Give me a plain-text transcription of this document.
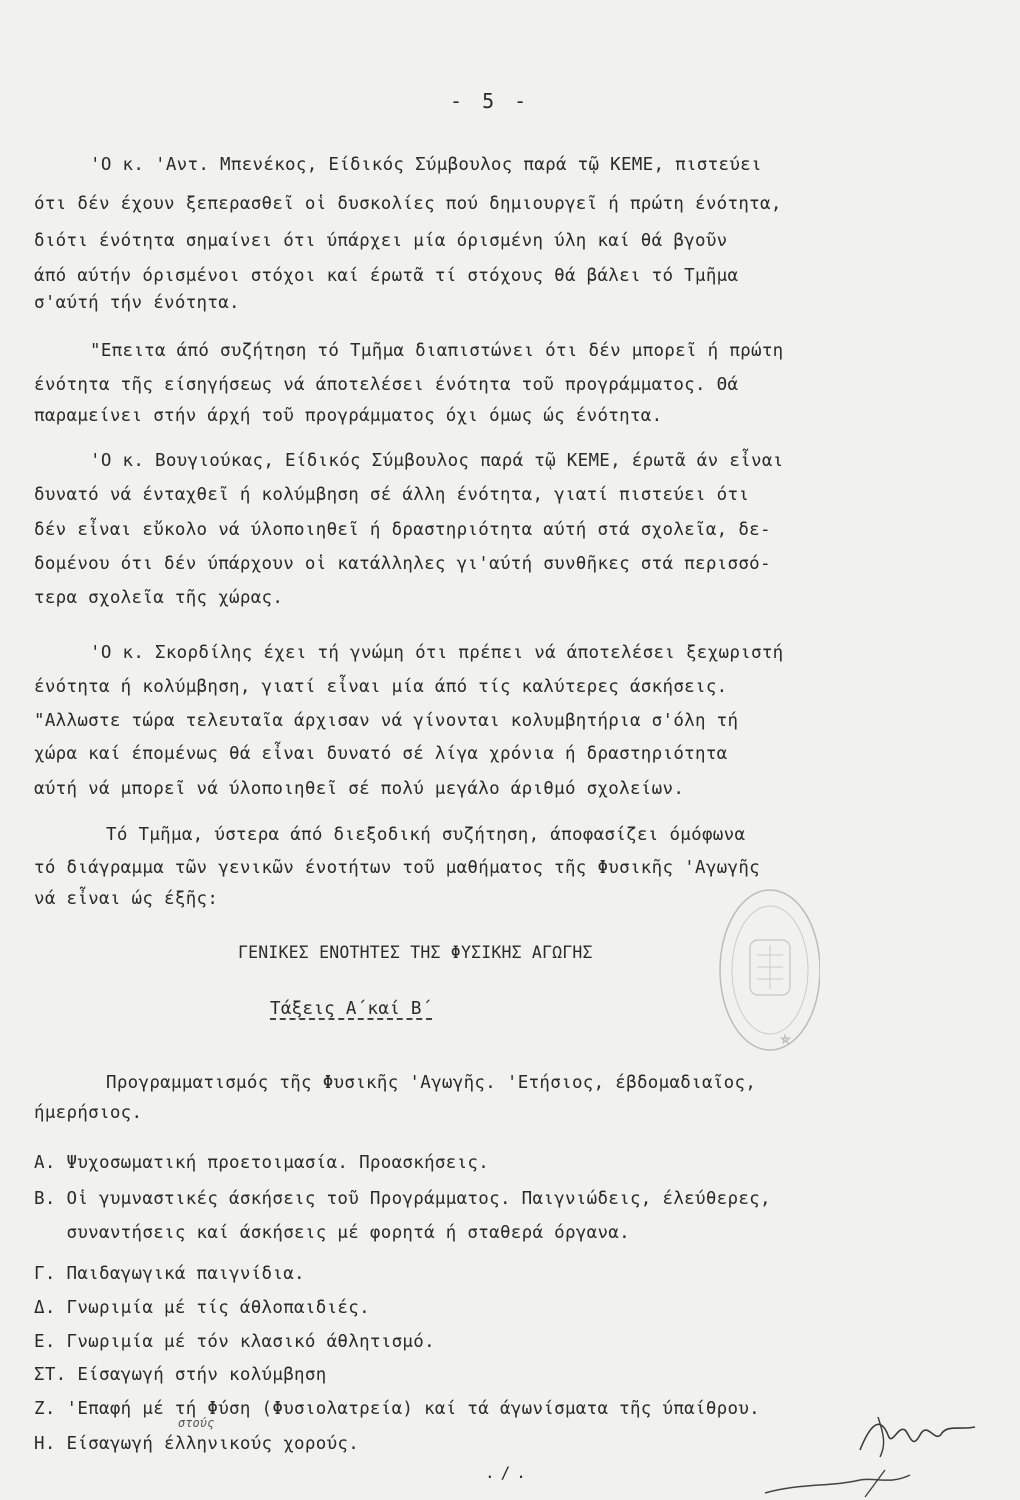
- 5 -
'Ο κ. 'Αντ. Μπενέκος, Είδικός Σύμβουλος παρά τῷ ΚΕΜΕ, πιστεύει
ότι δέν έχουν ξεπερασθεῖ οἱ δυσκολίες πού δημιουργεῖ ή πρώτη ένότητα,
διότι ένότητα σημαίνει ότι ύπάρχει μία όρισμένη ύλη καί θά βγοῦν
άπό αύτήν όρισμένοι στόχοι καί έρωτᾶ τί στόχους θά βάλει τό Τμῆμα
σ'αύτή τήν ένότητα.
"Επειτα άπό συζήτηση τό Τμῆμα διαπιστώνει ότι δέν μπορεῖ ή πρώτη
ένότητα τῆς είσηγήσεως νά άποτελέσει ένότητα τοῦ προγράμματος. Θά
παραμείνει στήν άρχή τοῦ προγράμματος όχι όμως ώς ένότητα.
'Ο κ. Βουγιούκας, Είδικός Σύμβουλος παρά τῷ ΚΕΜΕ, έρωτᾶ άν εἶναι
δυνατό νά ένταχθεῖ ή κολύμβηση σέ άλλη ένότητα, γιατί πιστεύει ότι
δέν εἶναι εὔκολο νά ύλοποιηθεῖ ή δραστηριότητα αύτή στά σχολεῖα, δε-
δομένου ότι δέν ύπάρχουν οἱ κατάλληλες γι'αύτή συνθῆκες στά περισσό-
τερα σχολεῖα τῆς χώρας.
'Ο κ. Σκορδίλης έχει τή γνώμη ότι πρέπει νά άποτελέσει ξεχωριστή
ένότητα ή κολύμβηση, γιατί εἶναι μία άπό τίς καλύτερες άσκήσεις.
"Αλλωστε τώρα τελευταῖα άρχισαν νά γίνονται κολυμβητήρια σ'όλη τή
χώρα καί έπομένως θά εἶναι δυνατό σέ λίγα χρόνια ή δραστηριότητα
αύτή νά μπορεῖ νά ύλοποιηθεῖ σέ πολύ μεγάλο άριθμό σχολείων.
Τό Τμῆμα, ύστερα άπό διεξοδική συζήτηση, άποφασίζει όμόφωνα
τό διάγραμμα τῶν γενικῶν ένοτήτων τοῦ μαθήματος τῆς Φυσικῆς 'Αγωγῆς
νά εἶναι ώς έξῆς:
ΓΕΝΙΚΕΣ ΕΝΟΤΗΤΕΣ ΤΗΣ ΦΥΣΙΚΗΣ ΑΓΩΓΗΣ
Τάξεις Α΄καί Β΄
Προγραμματισμός τῆς Φυσικῆς 'Αγωγῆς. 'Ετήσιος, έβδομαδιαῖος,
ήμερήσιος.
Α. Ψυχοσωματική προετοιμασία. Προασκήσεις.
Β. Οἱ γυμναστικές άσκήσεις τοῦ Προγράμματος. Παιγνιώδεις, έλεύθερες,
συναντήσεις καί άσκήσεις μέ φορητά ή σταθερά όργανα.
Γ. Παιδαγωγικά παιγνίδια.
Δ. Γνωριμία μέ τίς άθλοπαιδιές.
Ε. Γνωριμία μέ τόν κλασικό άθλητισμό.
ΣΤ. Είσαγωγή στήν κολύμβηση
Ζ. 'Επαφή μέ τή Φύση (Φυσιολατρεία) καί τά άγωνίσματα τῆς ύπαίθρου.
Η. Είσαγωγή έλληνικούς χορούς.
στούς
./.
